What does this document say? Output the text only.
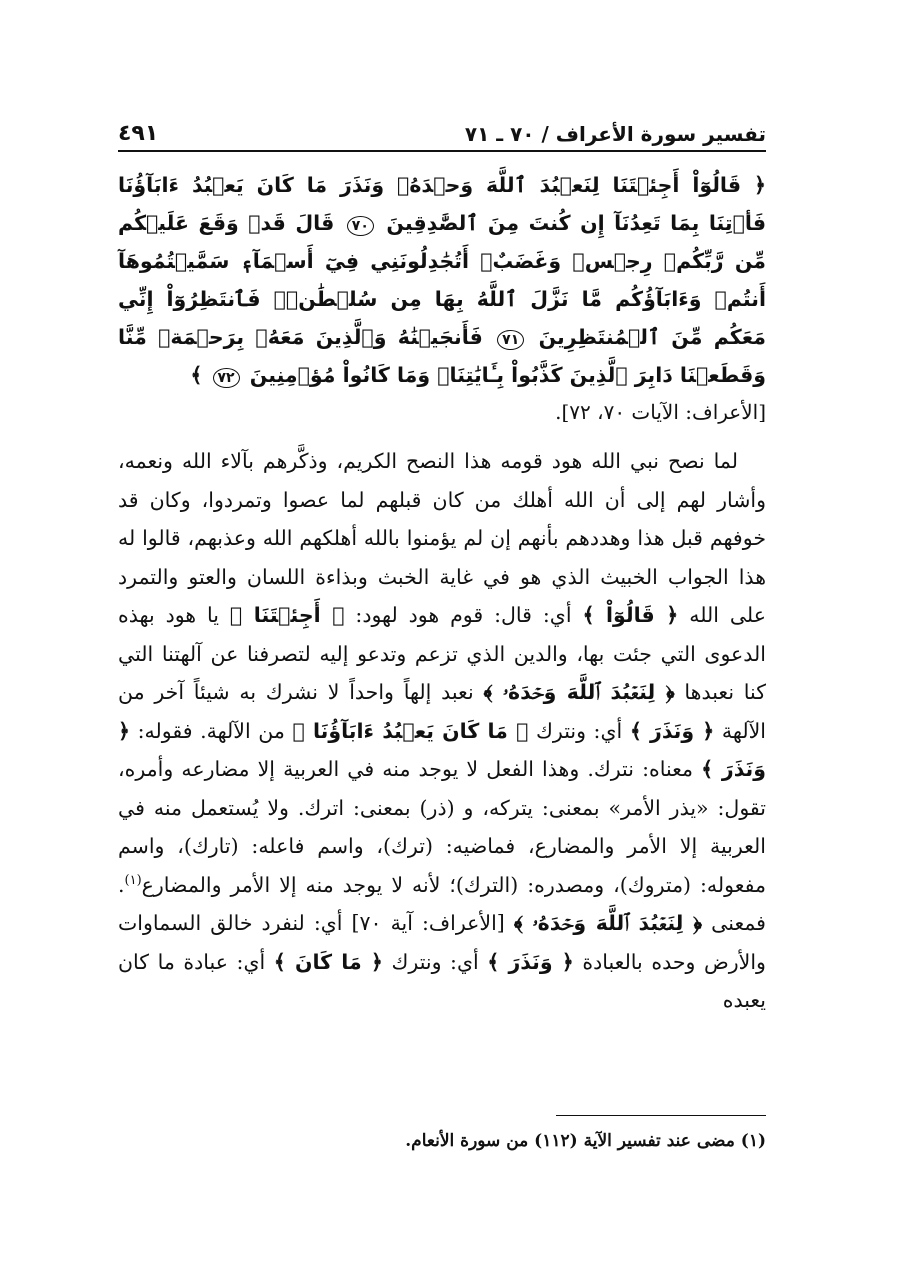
تفسير سورة الأعراف / ٧٠ ـ ٧١
٤٩١
﴿ قَالُوٓاْ أَجِئۡتَنَا لِنَعۡبُدَ ٱللَّهَ وَحۡدَهُۥ وَنَذَرَ مَا كَانَ يَعۡبُدُ ءَابَآؤُنَا فَأۡتِنَا بِمَا تَعِدُنَآ إِن كُنتَ مِنَ ٱلصَّٰدِقِينَ ٧٠ قَالَ قَدۡ وَقَعَ عَلَيۡكُم مِّن رَّبِّكُمۡ رِجۡسٞ وَغَضَبٌۖ أَتُجَٰدِلُونَنِي فِيٓ أَسۡمَآءٖ سَمَّيۡتُمُوهَآ أَنتُمۡ وَءَابَآؤُكُم مَّا نَزَّلَ ٱللَّهُ بِهَا مِن سُلۡطَٰنٖۚ فَٱنتَظِرُوٓاْ إِنِّي مَعَكُم مِّنَ ٱلۡمُنتَظِرِينَ ٧١ فَأَنجَيۡنَٰهُ وَٱلَّذِينَ مَعَهُۥ بِرَحۡمَةٖ مِّنَّا وَقَطَعۡنَا دَابِرَ ٱلَّذِينَ كَذَّبُواْ بِـَٔايَٰتِنَاۖ وَمَا كَانُواْ مُؤۡمِنِينَ ٧٢ ﴾
[الأعراف: الآيات ٧٠، ٧٢].

لما نصح نبي الله هود قومه هذا النصح الكريم، وذكَّرهم بآلاء الله ونعمه، وأشار لهم إلى أن الله أهلك من كان قبلهم لما عصوا وتمردوا، وكان قد خوفهم قبل هذا وهددهم بأنهم إن لم يؤمنوا بالله أهلكهم الله وعذبهم، قالوا له هذا الجواب الخبيث الذي هو في غاية الخبث وبذاءة اللسان والعتو والتمرد على الله ﴿ قَالُوٓاْ ﴾ أي: قال: قوم هود لهود: ﴿ أَجِئۡتَنَا ﴾ يا هود بهذه الدعوى التي جئت بها، والدين الذي تزعم وتدعو إليه لتصرفنا عن آلهتنا التي كنا نعبدها ﴿ لِنَعۡبُدَ ٱللَّهَ وَحۡدَهُۥ ﴾ نعبد إلهاً واحداً لا نشرك به شيئاً آخر من الآلهة ﴿ وَنَذَرَ ﴾ أي: ونترك ﴿ مَا كَانَ يَعۡبُدُ ءَابَآؤُنَا ﴾ من الآلهة. فقوله: ﴿ وَنَذَرَ ﴾ معناه: نترك. وهذا الفعل لا يوجد منه في العربية إلا مضارعه وأمره، تقول: «يذر الأمر» بمعنى: يتركه، و (ذر) بمعنى: اترك. ولا يُستعمل منه في العربية إلا الأمر والمضارع، فماضيه: (ترك)، واسم فاعله: (تارك)، واسم مفعوله: (متروك)، ومصدره: (الترك)؛ لأنه لا يوجد منه إلا الأمر والمضارع$^{(١)}$. فمعنى ﴿ لِنَعۡبُدَ ٱللَّهَ وَحۡدَهُۥ ﴾ [الأعراف: آية ٧٠] أي: لنفرد خالق السماوات والأرض وحده بالعبادة ﴿ وَنَذَرَ ﴾ أي: ونترك ﴿ مَا كَانَ ﴾ أي: عبادة ما كان يعبده

(١) مضى عند تفسير الآية (١١٢) من سورة الأنعام.
